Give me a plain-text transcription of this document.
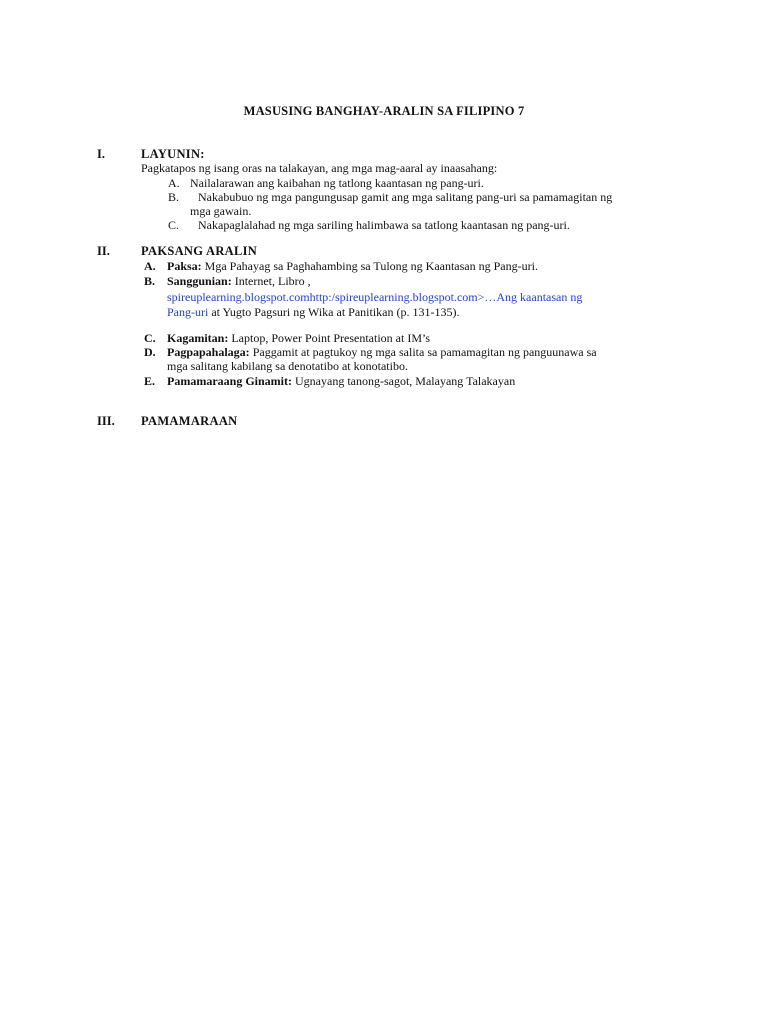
MASUSING BANGHAY-ARALIN SA FILIPINO 7
I.	LAYUNIN:
Pagkatapos ng isang oras na talakayan, ang mga mag-aaral ay inaasahang:
A. Nailalarawan ang kaibahan ng tatlong kaantasan ng pang-uri.
B. Nakabubuo ng mga pangungusap gamit ang mga salitang pang-uri sa pamamagitan ng
mga gawain.
C. Nakapaglalahad ng mga sariling halimbawa sa tatlong kaantasan ng pang-uri.
II. PAKSANG ARALIN
A. Paksa: Mga Pahayag sa Paghahambing sa Tulong ng Kaantasan ng Pang-uri.
B. Sanggunian: Internet, Libro ,
spireuplearning.blogspot.comhttp:/spireuplearning.blogspot.com>…Ang kaantasan ng
Pang-uri at Yugto Pagsuri ng Wika at Panitikan (p. 131-135).
C. Kagamitan: Laptop, Power Point Presentation at IM’s
D. Pagpapahalaga: Paggamit at pagtukoy ng mga salita sa pamamagitan ng panguunawa sa
mga salitang kabilang sa denotatibo at konotatibo.
E. Pamamaraang Ginamit: Ugnayang tanong-sagot, Malayang Talakayan
III. PAMAMARAAN
